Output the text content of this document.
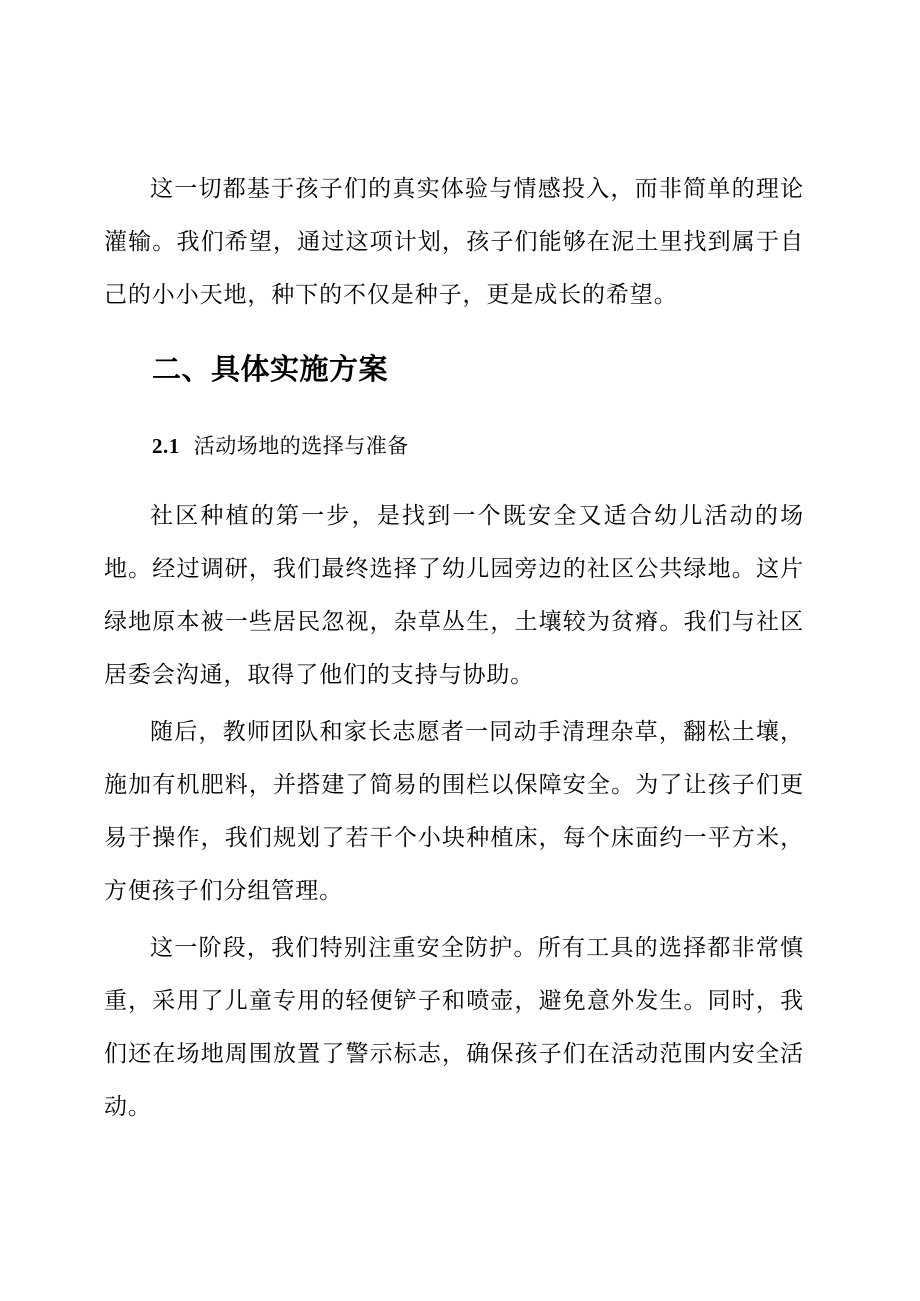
这一切都基于孩子们的真实体验与情感投入，而非简单的理论灌输。我们希望，通过这项计划，孩子们能够在泥土里找到属于自己的小小天地，种下的不仅是种子，更是成长的希望。

二、具体实施方案
2.1 活动场地的选择与准备

社区种植的第一步，是找到一个既安全又适合幼儿活动的场地。经过调研，我们最终选择了幼儿园旁边的社区公共绿地。这片绿地原本被一些居民忽视，杂草丛生，土壤较为贫瘠。我们与社区居委会沟通，取得了他们的支持与协助。

随后，教师团队和家长志愿者一同动手清理杂草，翻松土壤，施加有机肥料，并搭建了简易的围栏以保障安全。为了让孩子们更易于操作，我们规划了若干个小块种植床，每个床面约一平方米，方便孩子们分组管理。

这一阶段，我们特别注重安全防护。所有工具的选择都非常慎重，采用了儿童专用的轻便铲子和喷壶，避免意外发生。同时，我们还在场地周围放置了警示标志，确保孩子们在活动范围内安全活动。
